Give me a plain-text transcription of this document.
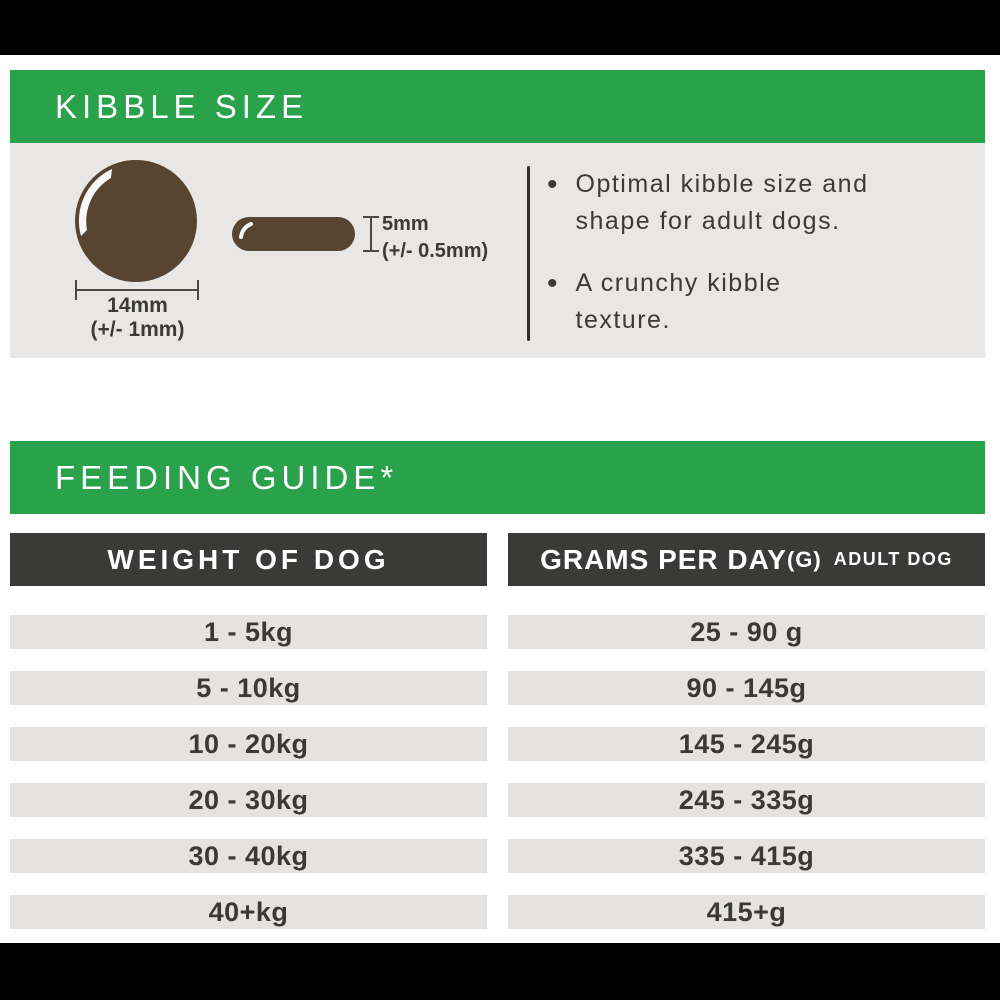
KIBBLE SIZE
14mm
(+/- 1mm)
5mm
(+/- 0.5mm)
• Optimal kibble size and
shape for adult dogs.
• A crunchy kibble
texture.
FEEDING GUIDE*
WEIGHT OF DOG	GRAMS PER DAY (G) ADULT DOG
1 - 5kg
5 - 10kg
10 - 20kg
20 - 30kg
30 - 40kg
40+kg
25 - 90 g
90 - 145g
145 - 245g
245 - 335g
335 - 415g
415+g
